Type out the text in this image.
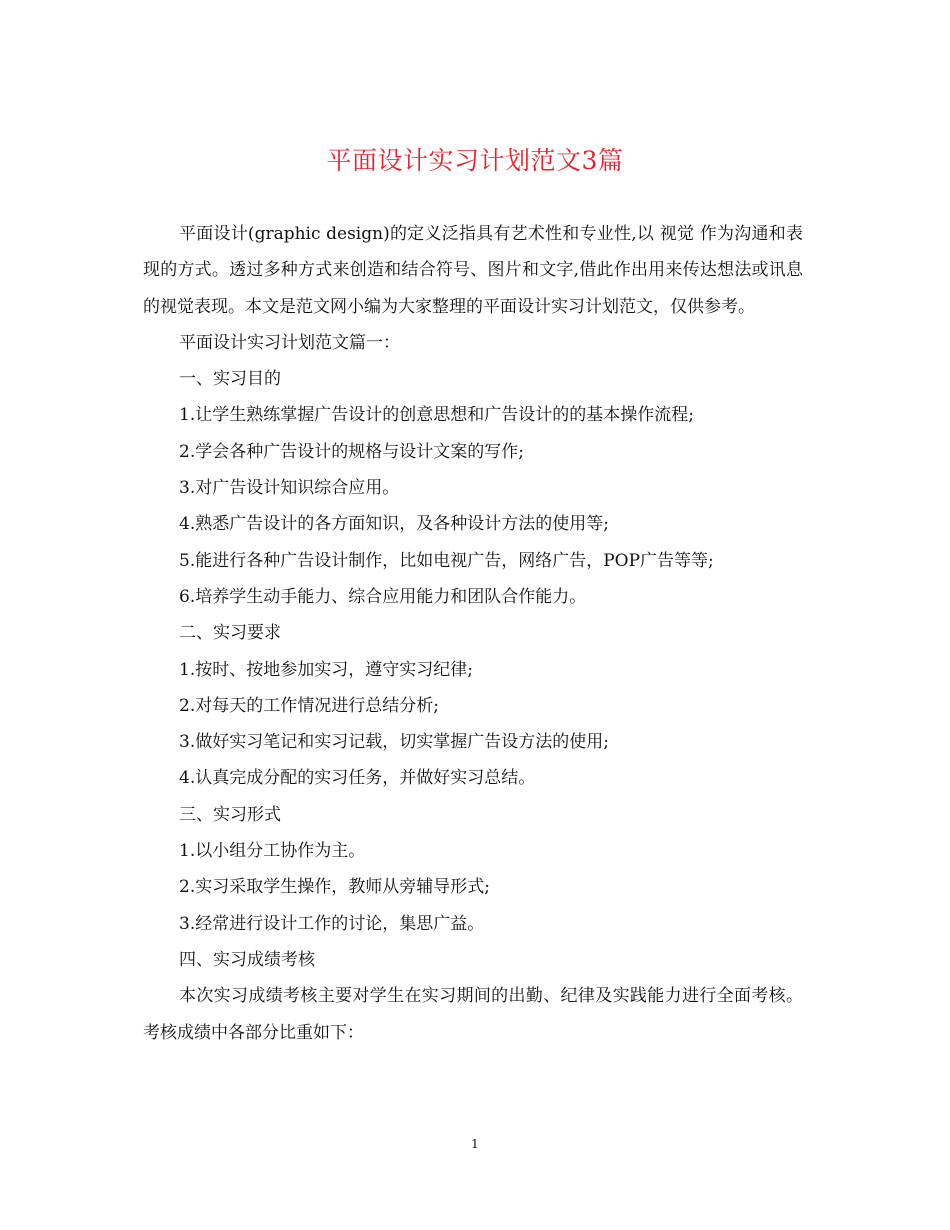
平面设计实习计划范文3篇

平面设计(graphic design)的定义泛指具有艺术性和专业性,以 视觉 作为沟通和表现的方式。透过多种方式来创造和结合符号、图片和文字,借此作出用来传达想法或讯息的视觉表现。本文是范文网小编为大家整理的平面设计实习计划范文，仅供参考。

平面设计实习计划范文篇一：

一、实习目的

1.让学生熟练掌握广告设计的创意思想和广告设计的的基本操作流程;

2.学会各种广告设计的规格与设计文案的写作;

3.对广告设计知识综合应用。

4.熟悉广告设计的各方面知识，及各种设计方法的使用等;

5.能进行各种广告设计制作，比如电视广告，网络广告，POP广告等等;

6.培养学生动手能力、综合应用能力和团队合作能力。

二、实习要求

1.按时、按地参加实习，遵守实习纪律;

2.对每天的工作情况进行总结分析;

3.做好实习笔记和实习记载，切实掌握广告设方法的使用;

4.认真完成分配的实习任务，并做好实习总结。

三、实习形式

1.以小组分工协作为主。

2.实习采取学生操作，教师从旁辅导形式;

3.经常进行设计工作的讨论，集思广益。

四、实习成绩考核

本次实习成绩考核主要对学生在实习期间的出勤、纪律及实践能力进行全面考核。考核成绩中各部分比重如下：

1
